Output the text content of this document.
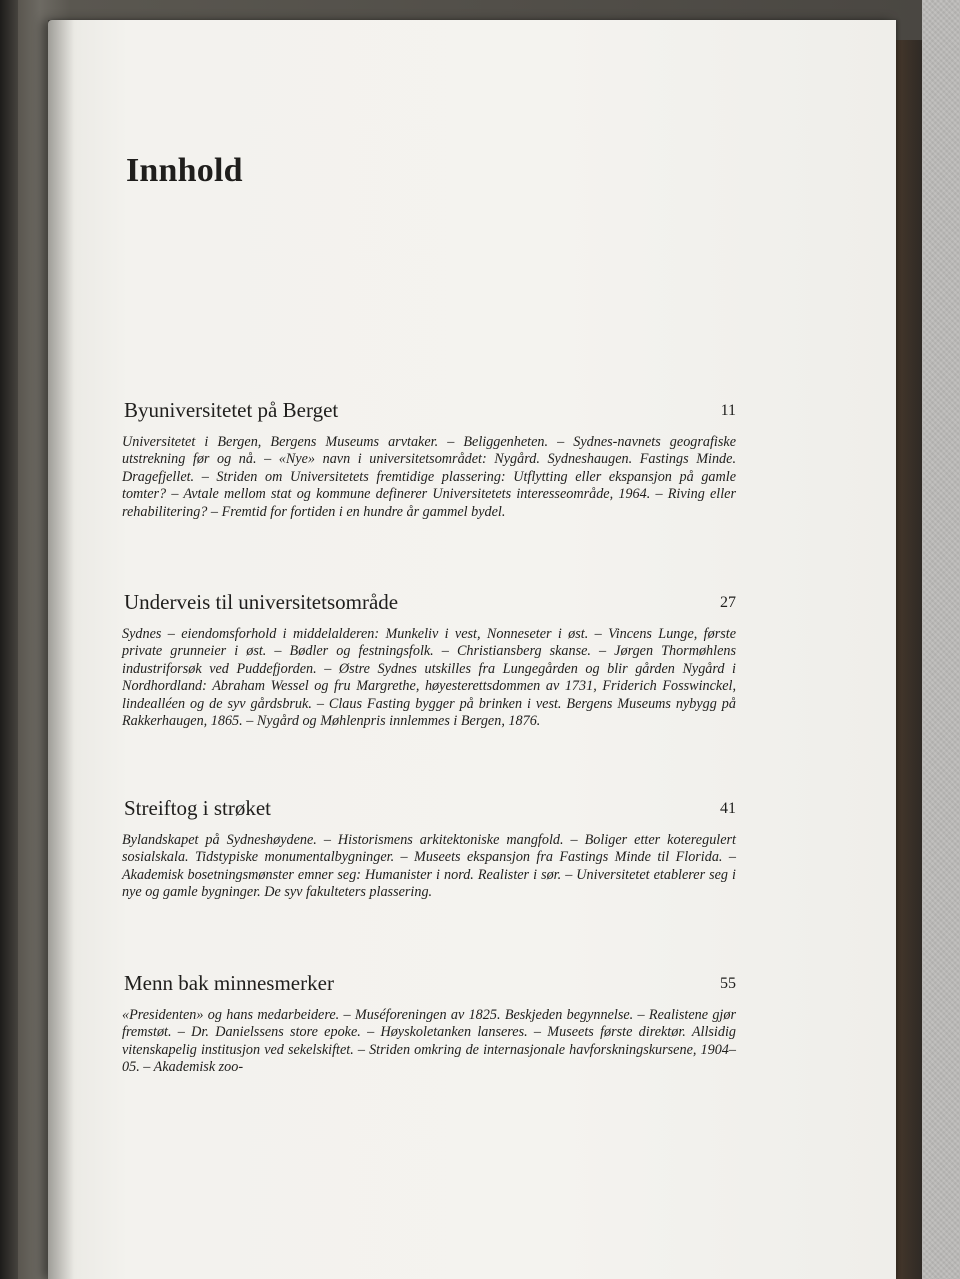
Innhold
Byuniversitetet på Berget	11

Universitetet i Bergen, Bergens Museums arvtaker. – Beliggenheten. – Sydnes-navnets geografiske utstrekning før og nå. – «Nye» navn i universitetsområdet: Nygård. Sydneshaugen. Fastings Minde. Dragefjellet. – Striden om Universitetets fremtidige plassering: Utflytting eller ekspansjon på gamle tomter? – Avtale mellom stat og kommune definerer Universitetets interesseområde, 1964. – Riving eller rehabilitering? – Fremtid for fortiden i en hundre år gammel bydel.

Underveis til universitetsområde	27

Sydnes – eiendomsforhold i middelalderen: Munkeliv i vest, Nonneseter i øst. – Vincens Lunge, første private grunneier i øst. – Bødler og festningsfolk. – Christiansberg skanse. – Jørgen Thormøhlens industriforsøk ved Puddefjorden. – Østre Sydnes utskilles fra Lungegården og blir gården Nygård i Nordhordland: Abraham Wessel og fru Margrethe, høyesterettsdommen av 1731, Friderich Fosswinckel, lindealléen og de syv gårdsbruk. – Claus Fasting bygger på brinken i vest. Bergens Museums nybygg på Rakkerhaugen, 1865. – Nygård og Møhlenpris innlemmes i Bergen, 1876.

Streiftog i strøket	41

Bylandskapet på Sydneshøydene. – Historismens arkitektoniske mangfold. – Boliger etter koteregulert sosialskala. Tidstypiske monumentalbygninger. – Museets ekspansjon fra Fastings Minde til Florida. – Akademisk bosetningsmønster emner seg: Humanister i nord. Realister i sør. – Universitetet etablerer seg i nye og gamle bygninger. De syv fakulteters plassering.

Menn bak minnesmerker	55

«Presidenten» og hans medarbeidere. – Muséforeningen av 1825. Beskjeden begynnelse. – Realistene gjør fremstøt. – Dr. Danielssens store epoke. – Høyskoletanken lanseres. – Museets første direktør. Allsidig vitenskapelig institusjon ved sekelskiftet. – Striden omkring de internasjonale havforskningskursene, 1904–05. – Akademisk zoo-
